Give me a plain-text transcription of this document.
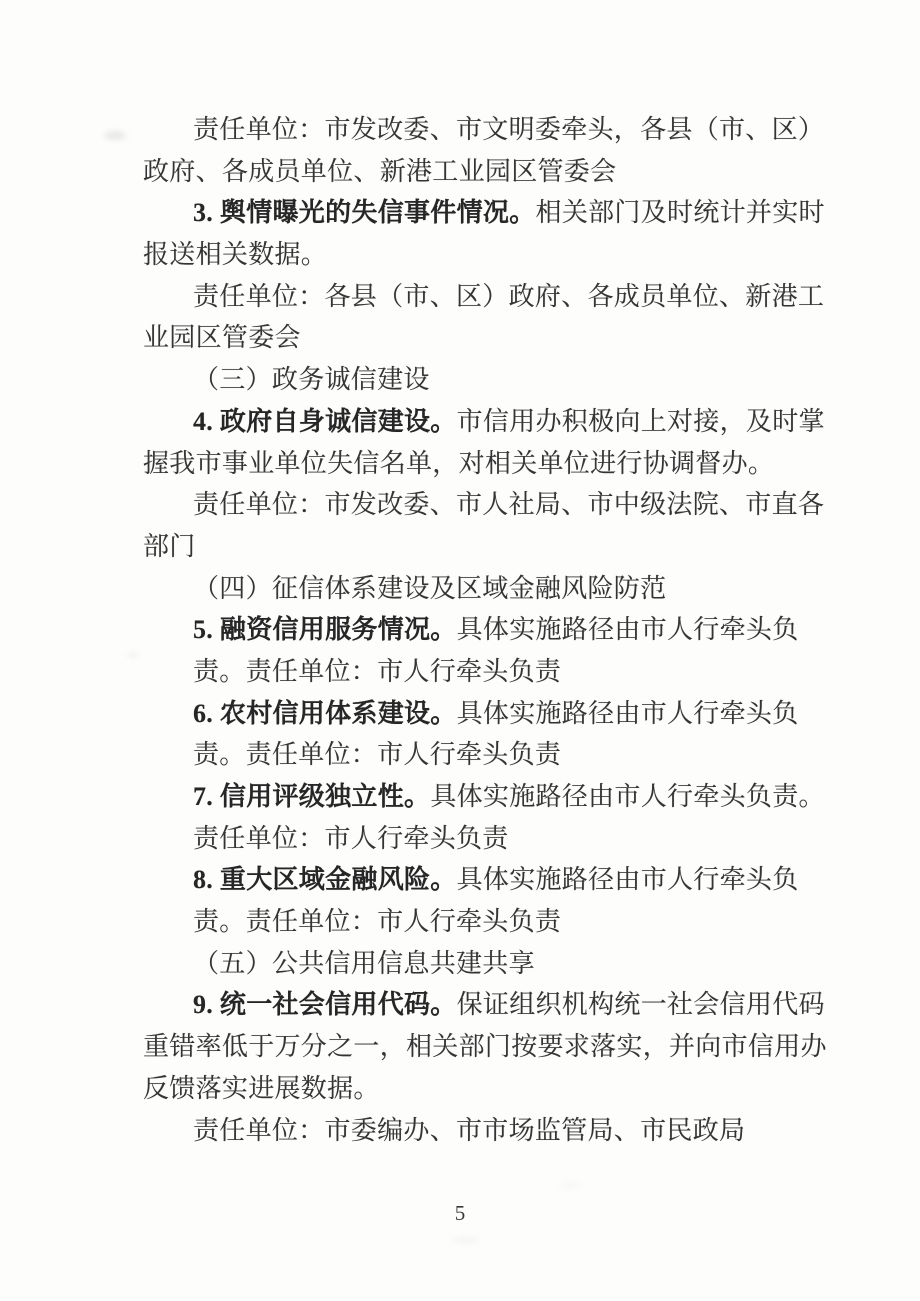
责任单位：市发改委、市文明委牵头，各县（市、区）
政府、各成员单位、新港工业园区管委会
3. 舆情曝光的失信事件情况。相关部门及时统计并实时
报送相关数据。
责任单位：各县（市、区）政府、各成员单位、新港工
业园区管委会
（三）政务诚信建设
4. 政府自身诚信建设。市信用办积极向上对接，及时掌
握我市事业单位失信名单，对相关单位进行协调督办。
责任单位：市发改委、市人社局、市中级法院、市直各
部门
（四）征信体系建设及区域金融风险防范
5. 融资信用服务情况。具体实施路径由市人行牵头负
责。责任单位：市人行牵头负责
6. 农村信用体系建设。具体实施路径由市人行牵头负
责。责任单位：市人行牵头负责
7. 信用评级独立性。具体实施路径由市人行牵头负责。
责任单位：市人行牵头负责
8. 重大区域金融风险。具体实施路径由市人行牵头负
责。责任单位：市人行牵头负责
（五）公共信用信息共建共享
9. 统一社会信用代码。保证组织机构统一社会信用代码
重错率低于万分之一，相关部门按要求落实，并向市信用办
反馈落实进展数据。
责任单位：市委编办、市市场监管局、市民政局
5
